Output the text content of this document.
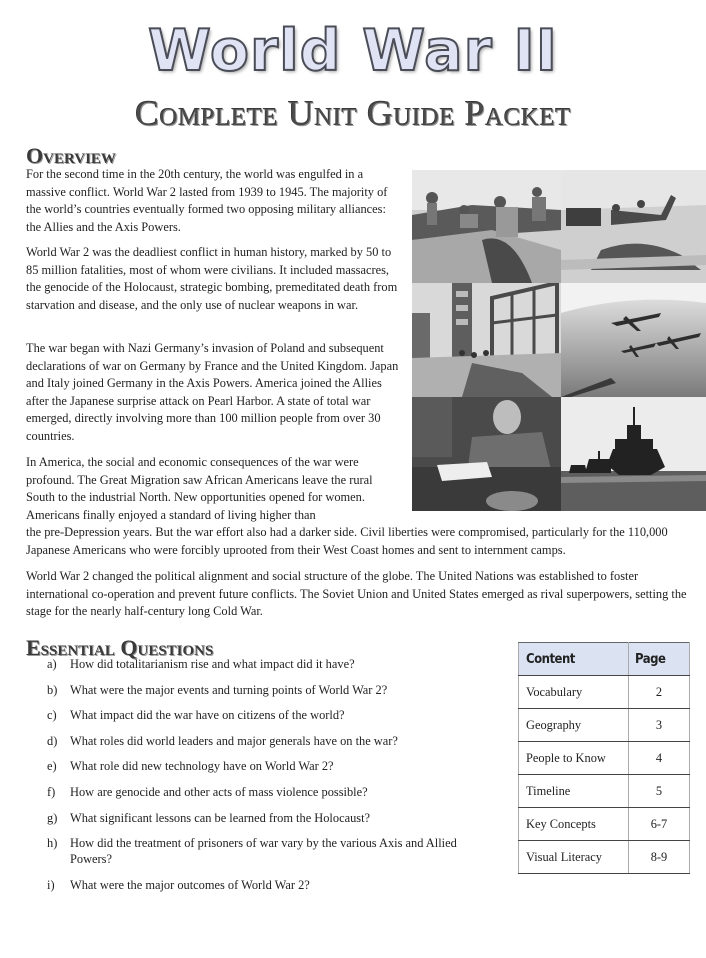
World War II
Complete Unit Guide Packet
Overview

For the second time in the 20th century, the world was engulfed in a massive conflict. World War 2 lasted from 1939 to 1945. The majority of the world’s countries eventually formed two opposing military alliances: the Allies and the Axis Powers.

World War 2 was the deadliest conflict in human history, marked by 50 to 85 million fatalities, most of whom were civilians. It included massacres, the genocide of the Holocaust, strategic bombing, premeditated death from starvation and disease, and the only use of nuclear weapons in war.

The war began with Nazi Germany’s invasion of Poland and subsequent declarations of war on Germany by France and the United Kingdom. Japan and Italy joined Germany in the Axis Powers. America joined the Allies after the Japanese surprise attack on Pearl Harbor. A state of total war emerged, directly involving more than 100 million people from over 30 countries.

In America, the social and economic consequences of the war were profound. The Great Migration saw African Americans leave the rural South to the industrial North. New opportunities opened for women. Americans finally enjoyed a standard of living higher than

the pre-Depression years. But the war effort also had a darker side. Civil liberties were compromised, particularly for the 110,000 Japanese Americans who were forcibly uprooted from their West Coast homes and sent to internment camps.

World War 2 changed the political alignment and social structure of the globe. The United Nations was established to foster international co-operation and prevent future conflicts. The Soviet Union and United States emerged as rival superpowers, setting the stage for the nearly half-century long Cold War.

Essential Questions
a)	How did totalitarianism rise and what impact did it have?
b)	What were the major events and turning points of World War 2?
c)	What impact did the war have on citizens of the world?
d)	What roles did world leaders and major generals have on the war?
e)	What role did new technology have on World War 2?
f)	How are genocide and other acts of mass violence possible?
g)	What significant lessons can be learned from the Holocaust?
h)	How did the treatment of prisoners of war vary by the various Axis and Allied Powers?
i)	What were the major outcomes of World War 2?
Content	Page
Vocabulary	2
Geography	3
People to Know	4
Timeline	5
Key Concepts	6-7
Visual Literacy	8-9
